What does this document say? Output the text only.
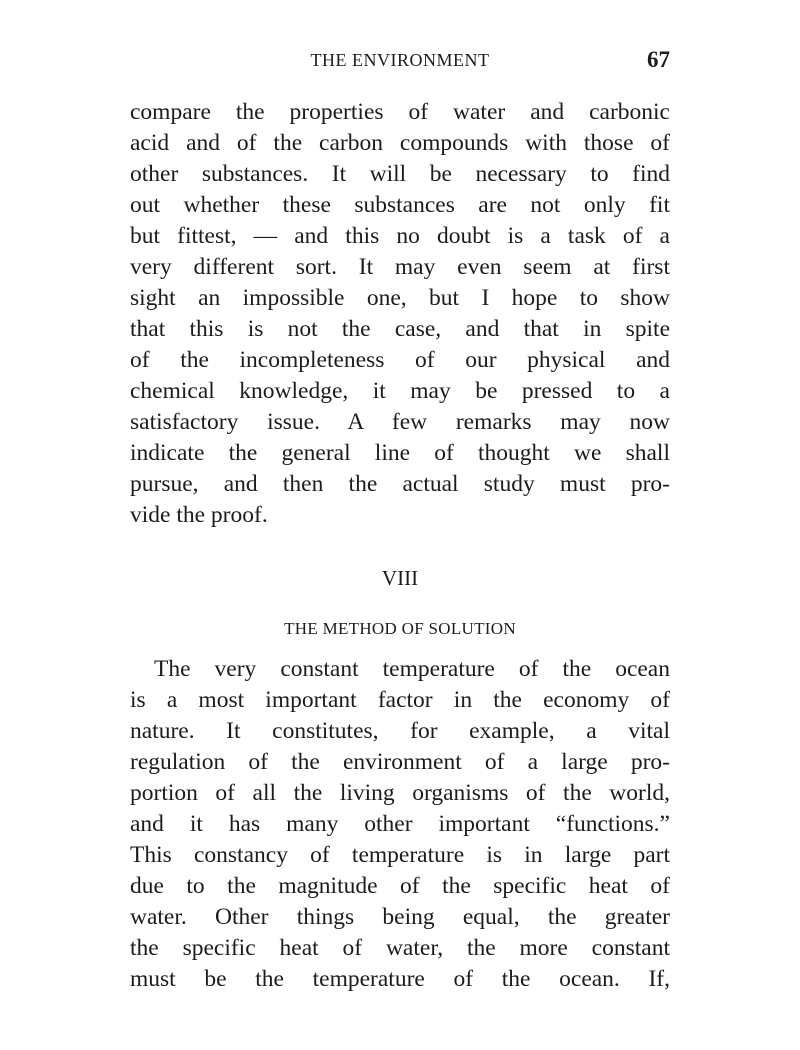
THE ENVIRONMENT	67
compare the properties of water and carbonic
acid and of the carbon compounds with those of
other substances. It will be necessary to find
out whether these substances are not only fit
but fittest, — and this no doubt is a task of a
very different sort. It may even seem at first
sight an impossible one, but I hope to show
that this is not the case, and that in spite
of the incompleteness of our physical and
chemical knowledge, it may be pressed to a
satisfactory issue. A few remarks may now
indicate the general line of thought we shall
pursue, and then the actual study must pro-
vide the proof.
VIII
THE METHOD OF SOLUTION
The very constant temperature of the ocean
is a most important factor in the economy of
nature. It constitutes, for example, a vital
regulation of the environment of a large pro-
portion of all the living organisms of the world,
and it has many other important “functions.”
This constancy of temperature is in large part
due to the magnitude of the specific heat of
water. Other things being equal, the greater
the specific heat of water, the more constant
must be the temperature of the ocean. If,
